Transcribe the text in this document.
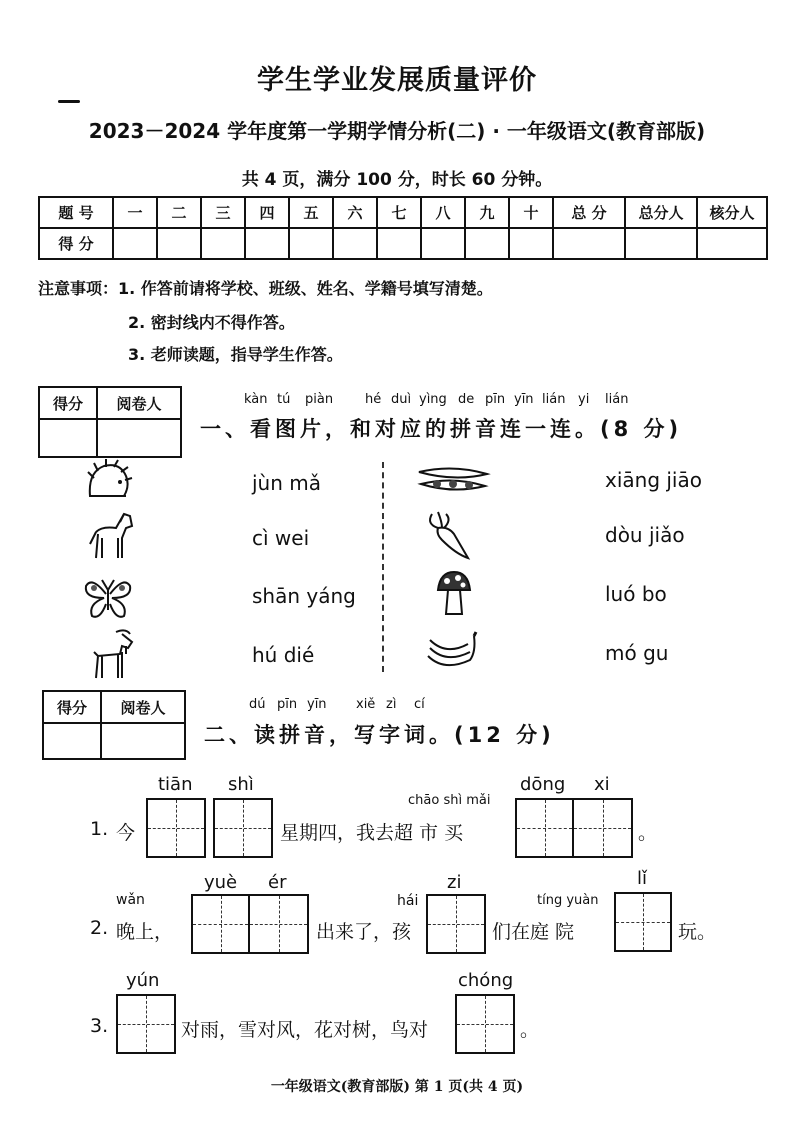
学生学业发展质量评价
2023－2024 学年度第一学期学情分析(二) · 一年级语文(教育部版)
共 4 页，满分 100 分，时长 60 分钟。
题 号	一	二	三	四	五	六	七	八	九	十	总 分	总分人	核分人
得 分													
注意事项：1. 作答前请将学校、班级、姓名、学籍号填写清楚。
2. 密封线内不得作答。
3. 老师读题，指导学生作答。
得分	阅卷人
		kàn tú piàn hé duì yìng de pīn yīn lián yi lián
一、看图片，和对应的拼音连一连。(8 分)
jùn mǎ
cì wei
shān yáng
hú dié
xiāng jiāo
dòu jiǎo
luó bo
mó gu
得分	阅卷人
		dú pīn yīn xiě zì cí
二、读拼音，写字词。(12 分)
tiān shì
1. 今	星期四，我去超 市 买
chāo shì mǎi
dōng xi
。
wǎn
yuè ér
2. 晚上，	出来了，孩
hái
zi
们在庭 院
tíng yuàn
lǐ
玩。
yún
3.	对雨，雪对风，花对树，鸟对
chóng
。
一年级语文(教育部版) 第 1 页(共 4 页)
